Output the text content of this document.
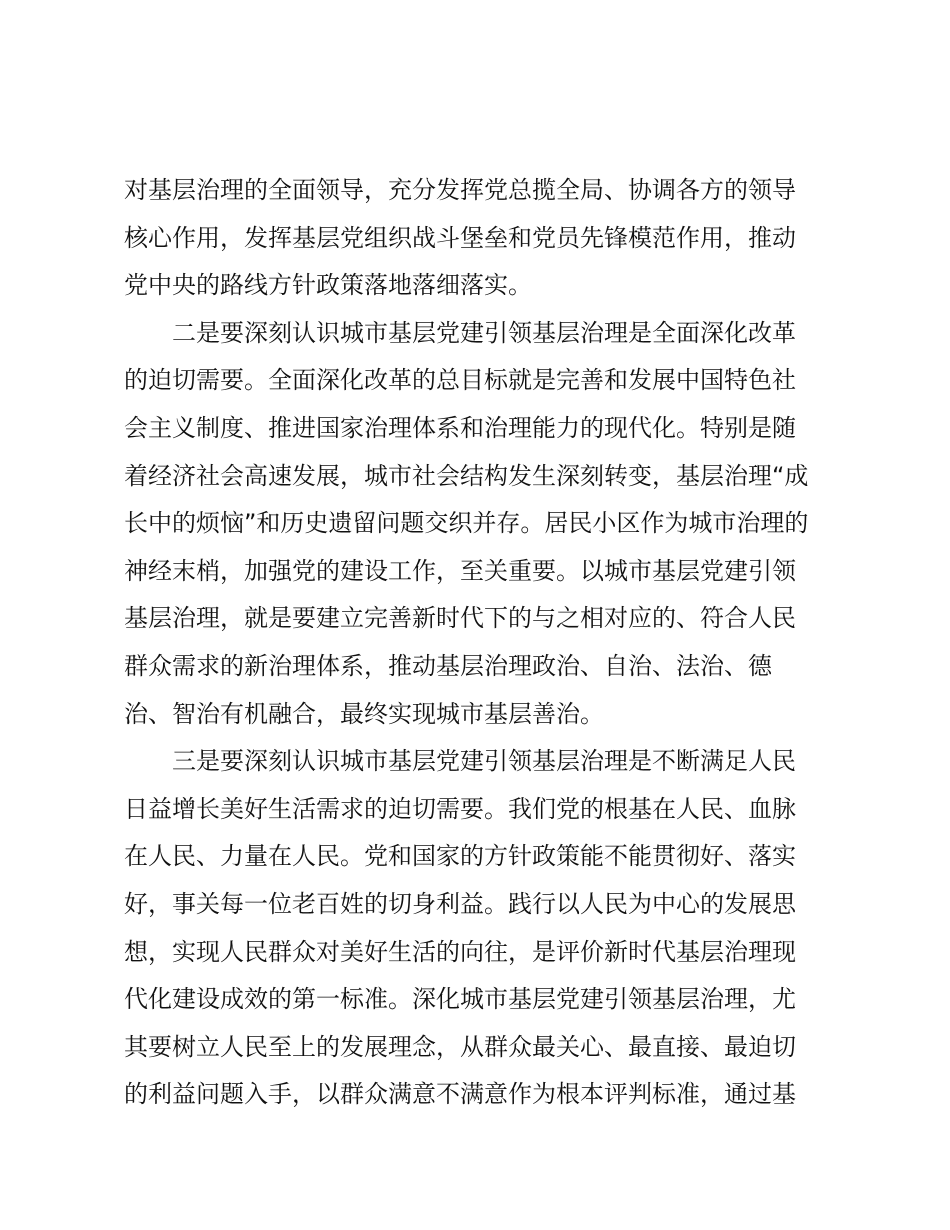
对基层治理的全面领导，充分发挥党总揽全局、协调各方的领导
核心作用，发挥基层党组织战斗堡垒和党员先锋模范作用，推动
党中央的路线方针政策落地落细落实。
二是要深刻认识城市基层党建引领基层治理是全面深化改革
的迫切需要。全面深化改革的总目标就是完善和发展中国特色社
会主义制度、推进国家治理体系和治理能力的现代化。特别是随
着经济社会高速发展，城市社会结构发生深刻转变，基层治理“成
长中的烦恼”和历史遗留问题交织并存。居民小区作为城市治理的
神经末梢，加强党的建设工作，至关重要。以城市基层党建引领
基层治理，就是要建立完善新时代下的与之相对应的、符合人民
群众需求的新治理体系，推动基层治理政治、自治、法治、德
治、智治有机融合，最终实现城市基层善治。
三是要深刻认识城市基层党建引领基层治理是不断满足人民
日益增长美好生活需求的迫切需要。我们党的根基在人民、血脉
在人民、力量在人民。党和国家的方针政策能不能贯彻好、落实
好，事关每一位老百姓的切身利益。践行以人民为中心的发展思
想，实现人民群众对美好生活的向往，是评价新时代基层治理现
代化建设成效的第一标准。深化城市基层党建引领基层治理，尤
其要树立人民至上的发展理念，从群众最关心、最直接、最迫切
的利益问题入手，以群众满意不满意作为根本评判标准，通过基
